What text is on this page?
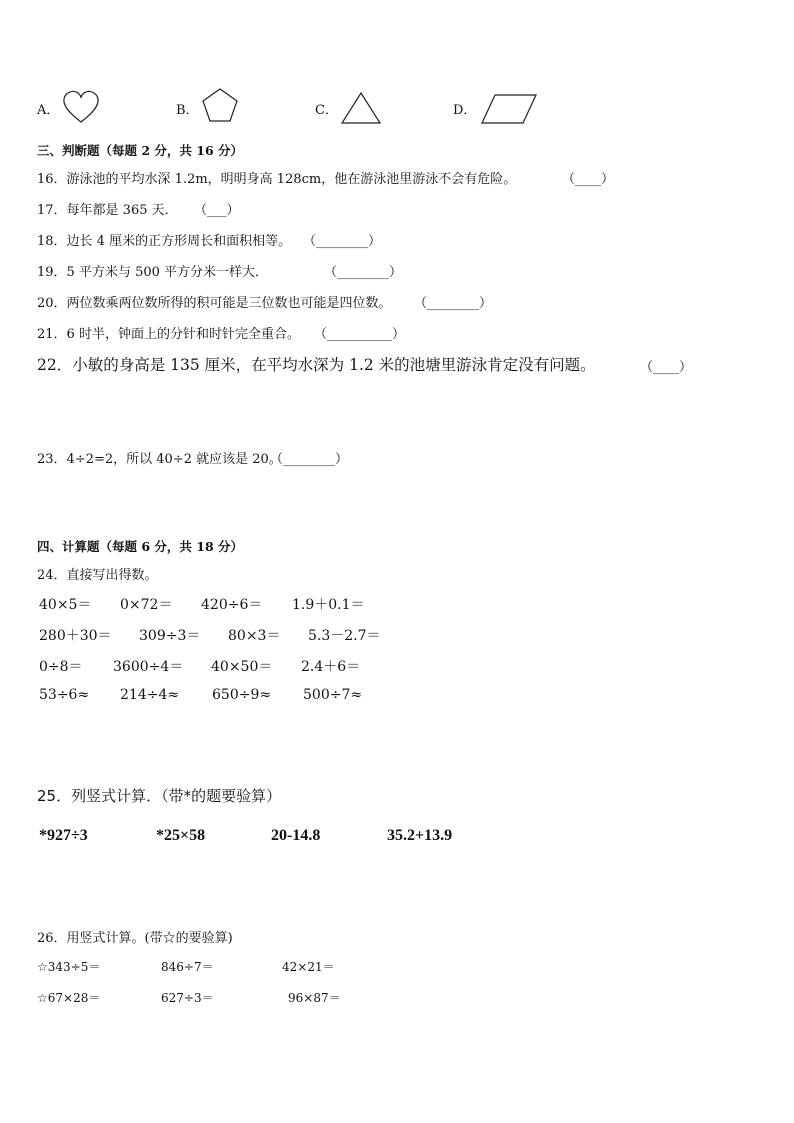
A．	B．	C．	D．
三、判断题（每题 2 分，共 16 分）
16．游泳池的平均水深 1.2m，明明身高 128cm，他在游泳池里游泳不会有危险。	（____）
17．每年都是 365 天． （___）
18．边长 4 厘米的正方形周长和面积相等。 （________）
19．5 平方米与 500 平方分米一样大．	（________）
20．两位数乘两位数所得的积可能是三位数也可能是四位数。 （________）
21．6 时半，钟面上的分针和时针完全重合。 （__________）
22．小敏的身高是 135 厘米，在平均水深为 1.2 米的池塘里游泳肯定没有问题。	（____）
23．4÷2=2，所以 40÷2 就应该是 20。
（________）
四、计算题（每题 6 分，共 18 分）
24．直接写出得数。
40×5＝ 0×72＝ 420÷6＝ 1.9＋0.1＝
280＋30＝ 309÷3＝ 80×3＝ 5.3－2.7＝
0÷8＝ 3600÷4＝ 40×50＝ 2.4＋6＝
53÷6≈ 214÷4≈ 650÷9≈ 500÷7≈
25．列竖式计算．（带*的题要验算）
*927÷3	*25×58	20-14.8	35.2+13.9
26．用竖式计算。(带☆的要验算)
☆343÷5＝	846÷7＝	42×21＝
☆67×28＝	627÷3＝	96×87＝
